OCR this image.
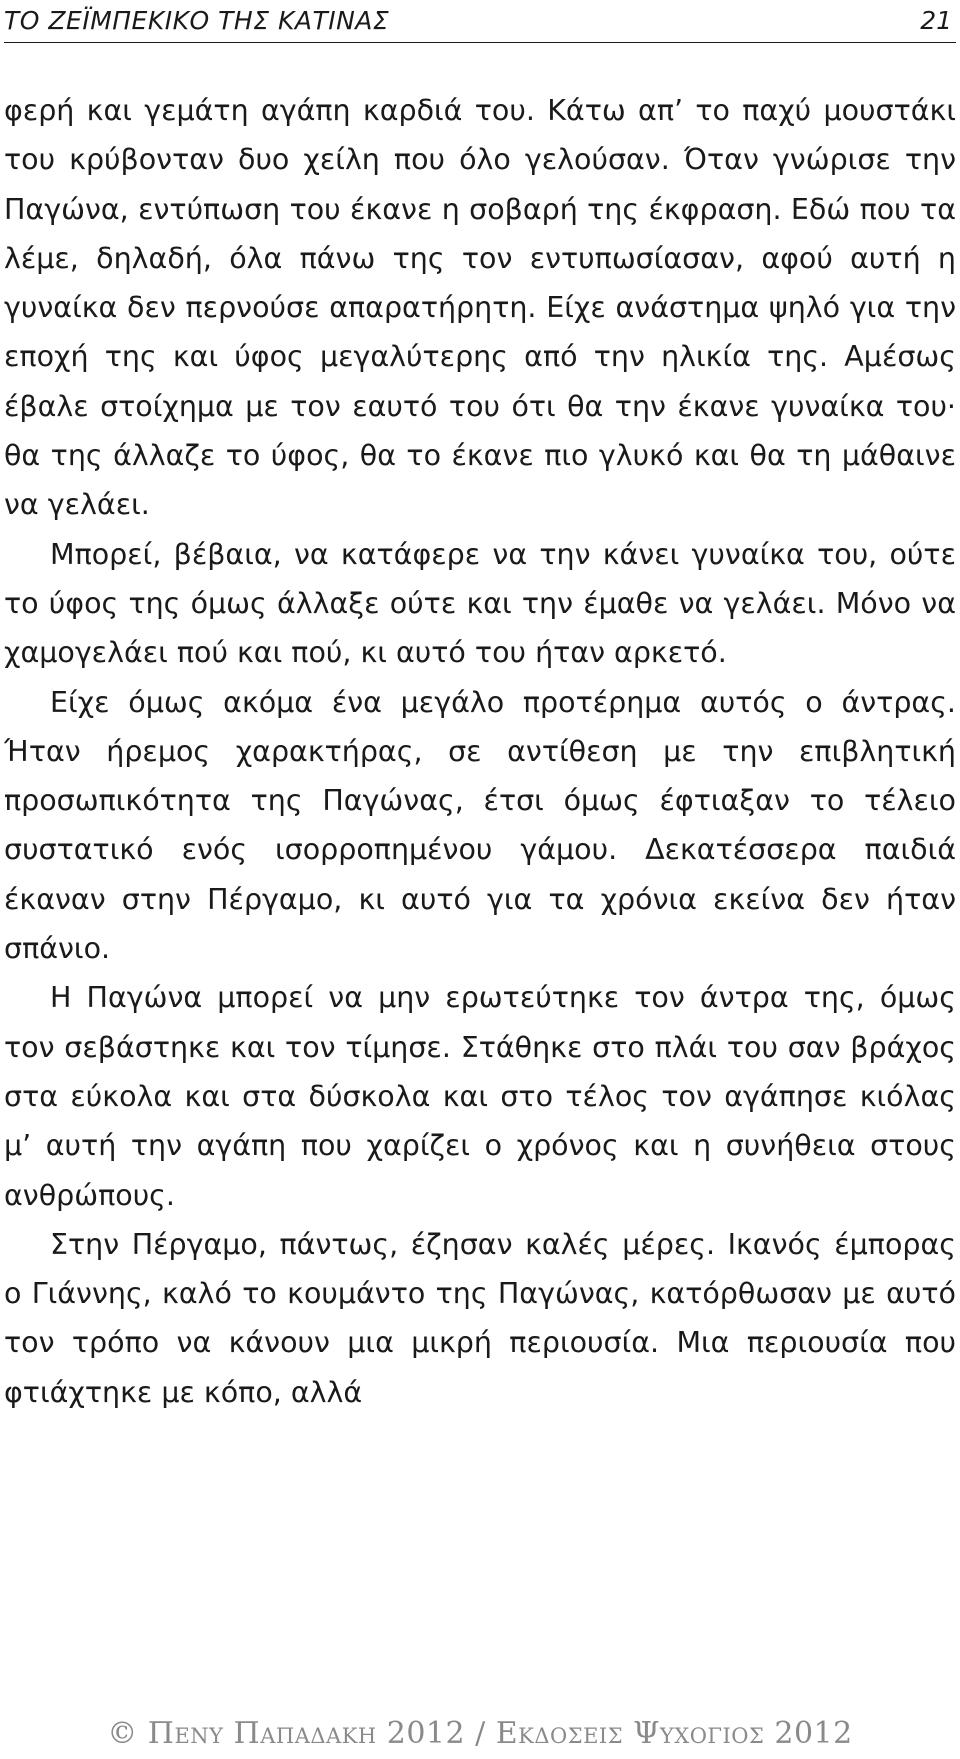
ΤΟ ΖΕΪΜΠΕΚΙΚΟ ΤΗΣ ΚΑΤΙΝΑΣ	21

φερή και γεμάτη αγάπη καρδιά του. Κάτω απ’ το παχύ μουστάκι του κρύβονταν δυο χείλη που όλο γελούσαν. Όταν γνώρισε την Παγώνα, εντύπωση του έκανε η σοβαρή της έκφραση. Εδώ που τα λέμε, δηλαδή, όλα πάνω της τον εντυπωσίασαν, αφού αυτή η γυναίκα δεν περνούσε απαρατήρητη. Είχε ανάστημα ψηλό για την εποχή της και ύφος μεγαλύτερης από την ηλικία της. Αμέσως έβαλε στοίχημα με τον εαυτό του ότι θα την έκανε γυναίκα του· θα της άλλαζε το ύφος, θα το έκανε πιο γλυκό και θα τη μάθαινε να γελάει.

Μπορεί, βέβαια, να κατάφερε να την κάνει γυναίκα του, ούτε το ύφος της όμως άλλαξε ούτε και την έμαθε να γελάει. Μόνο να χαμογελάει πού και πού, κι αυτό του ήταν αρκετό.

Είχε όμως ακόμα ένα μεγάλο προτέρημα αυτός ο άντρας. Ήταν ήρεμος χαρακτήρας, σε αντίθεση με την επιβλητική προσωπικότητα της Παγώνας, έτσι όμως έφτιαξαν το τέλειο συστατικό ενός ισορροπημένου γάμου. Δεκατέσσερα παιδιά έκαναν στην Πέργαμο, κι αυτό για τα χρόνια εκείνα δεν ήταν σπάνιο.

Η Παγώνα μπορεί να μην ερωτεύτηκε τον άντρα της, όμως τον σεβάστηκε και τον τίμησε. Στάθηκε στο πλάι του σαν βράχος στα εύκολα και στα δύσκολα και στο τέλος τον αγάπησε κιόλας μ’ αυτή την αγάπη που χαρίζει ο χρόνος και η συνήθεια στους ανθρώπους.

Στην Πέργαμο, πάντως, έζησαν καλές μέρες. Ικανός έμπορας ο Γιάννης, καλό το κουμάντο της Παγώνας, κατόρθωσαν με αυτό τον τρόπο να κάνουν μια μικρή περιουσία. Μια περιουσία που φτιάχτηκε με κόπο, αλλά

© Πενυ Παπαδακη 2012 / Εκδοσεις Ψυχογιος 2012
